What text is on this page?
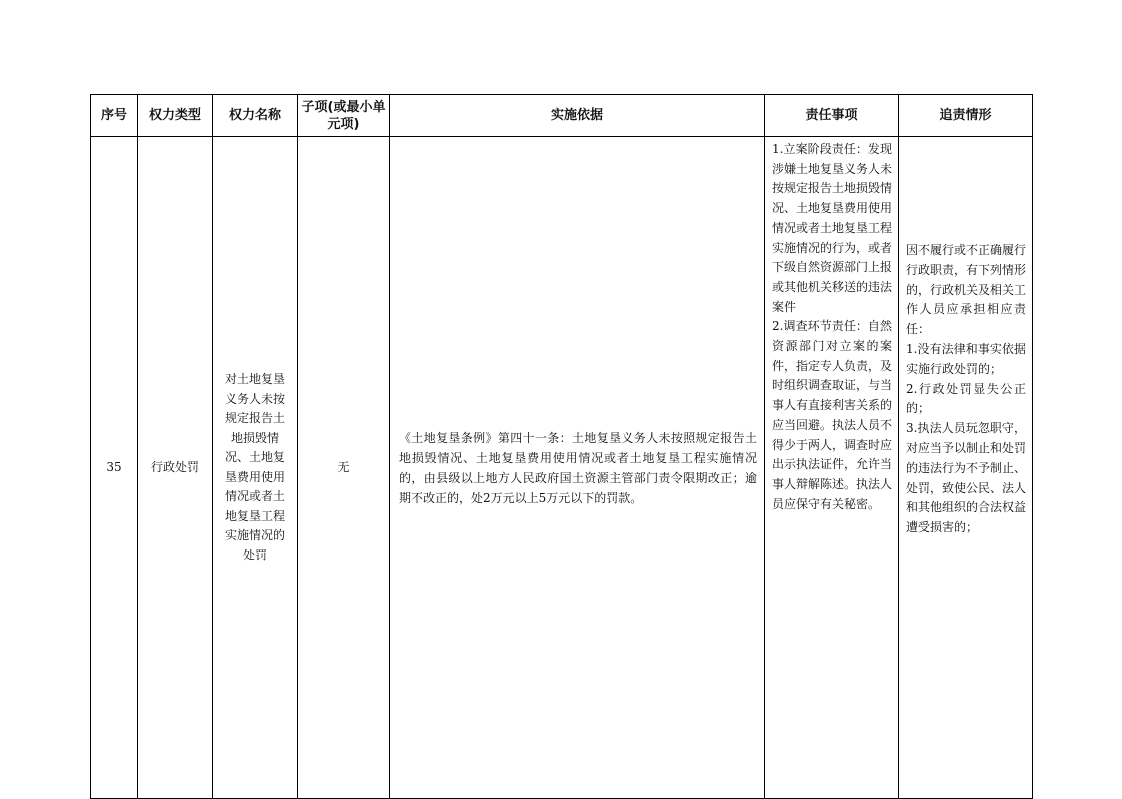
序号	权力类型	权力名称	子项(或最小单元项)	实施依据	责任事项	追责情形
35	行政处罚	对土地复垦义务人未按规定报告土地损毁情况、土地复垦费用使用情况或者土地复垦工程实施情况的处罚	无	《土地复垦条例》第四十一条：土地复垦义务人未按照规定报告土地损毁情况、土地复垦费用使用情况或者土地复垦工程实施情况的，由县级以上地方人民政府国土资源主管部门责令限期改正；逾期不改正的，处2万元以上5万元以下的罚款。	1.立案阶段责任：发现涉嫌土地复垦义务人未按规定报告土地损毁情况、土地复垦费用使用情况或者土地复垦工程实施情况的行为，或者下级自然资源部门上报或其他机关移送的违法案件
2.调查环节责任：自然资源部门对立案的案件，指定专人负责，及时组织调查取证，与当事人有直接利害关系的应当回避。执法人员不得少于两人，调查时应出示执法证件，允许当事人辩解陈述。执法人员应保守有关秘密。	因不履行或不正确履行行政职责，有下列情形的，行政机关及相关工作人员应承担相应责任：
1.没有法律和事实依据实施行政处罚的；
2.行政处罚显失公正的；
3.执法人员玩忽职守，对应当予以制止和处罚的违法行为不予制止、处罚，致使公民、法人和其他组织的合法权益遭受损害的；
